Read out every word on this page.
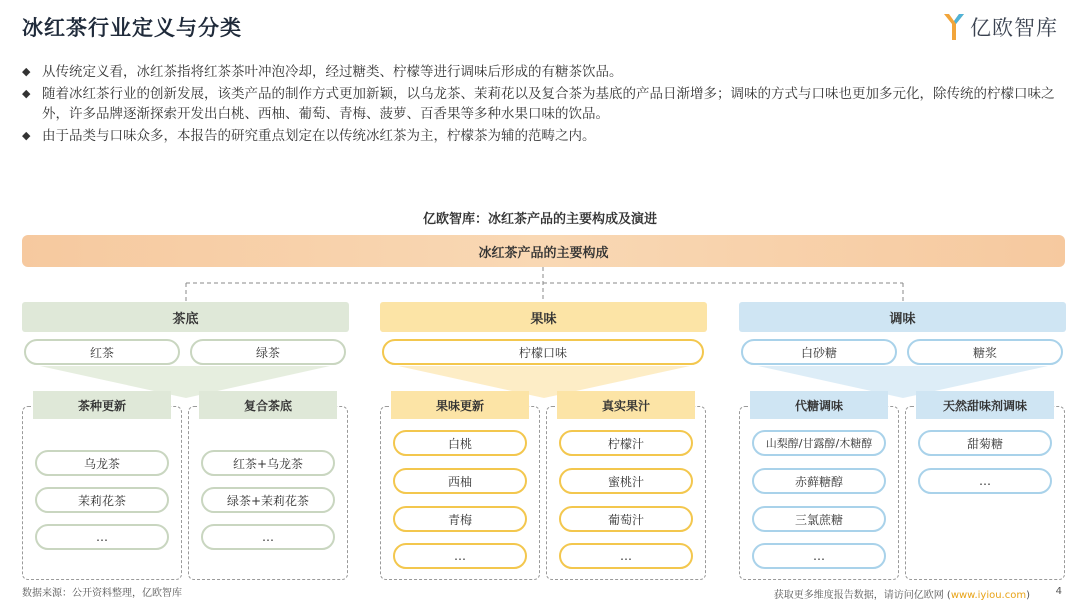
冰红茶行业定义与分类	亿欧智库
◆ 从传统定义看，冰红茶指将红茶茶叶冲泡冷却，经过糖类、柠檬等进行调味后形成的有糖茶饮品。
◆ 随着冰红茶行业的创新发展，该类产品的制作方式更加新颖，以乌龙茶、茉莉花以及复合茶为基底的产品日渐增多；调味的方式与口味也更加多元化，除传统的柠檬口味之外，许多品牌逐渐探索开发出白桃、西柚、葡萄、青梅、菠萝、百香果等多种水果口味的饮品。
◆ 由于品类与口味众多，本报告的研究重点划定在以传统冰红茶为主，柠檬茶为辅的范畴之内。
亿欧智库：冰红茶产品的主要构成及演进
冰红茶产品的主要构成
茶底	果味	调味
红茶	绿茶	柠檬口味	白砂糖	糖浆
茶种更新	复合茶底
乌龙茶
茉莉花茶
…
红茶+乌龙茶
绿茶+茉莉花茶
…
果味更新	真实果汁
白桃
西柚
青梅
…
柠檬汁
蜜桃汁
葡萄汁
…
代糖调味	天然甜味剂调味
山梨醇/甘露醇/木糖醇
赤藓糖醇
三氯蔗糖
…
甜菊糖
…
数据来源：公开资料整理，亿欧智库	获取更多维度报告数据，请访问亿欧网 (www.iyiou.com)	4
